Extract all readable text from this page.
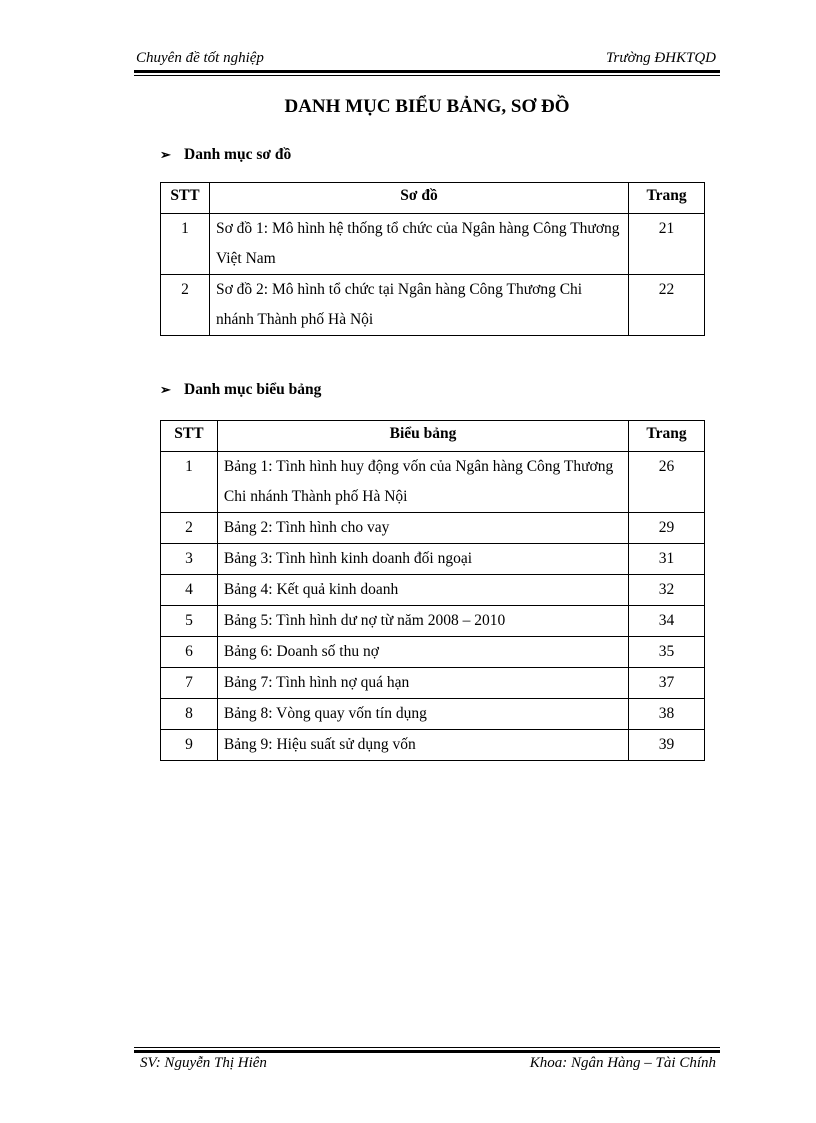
Chuyên đề tốt nghiệp	Trường ĐHKTQD
DANH MỤC BIỂU BẢNG, SƠ ĐỒ
➢ Danh mục sơ đồ
STT	Sơ đồ	Trang
1	Sơ đồ 1: Mô hình hệ thống tổ chức của Ngân hàng Công Thương Việt Nam	21
2	Sơ đồ 2: Mô hình tổ chức tại Ngân hàng Công Thương Chi nhánh Thành phố Hà Nội	22
➢ Danh mục biểu bảng
STT	Biểu bảng	Trang
1	Bảng 1: Tình hình huy động vốn của Ngân hàng Công Thương Chi nhánh Thành phố Hà Nội	26
2	Bảng 2: Tình hình cho vay	29
3	Bảng 3: Tình hình kinh doanh đối ngoại	31
4	Bảng 4: Kết quả kinh doanh	32
5	Bảng 5: Tình hình dư nợ từ năm 2008 – 2010	34
6	Bảng 6: Doanh số thu nợ	35
7	Bảng 7: Tình hình nợ quá hạn	37
8	Bảng 8: Vòng quay vốn tín dụng	38
9	Bảng 9: Hiệu suất sử dụng vốn	39
SV: Nguyễn Thị Hiên	Khoa: Ngân Hàng – Tài Chính
